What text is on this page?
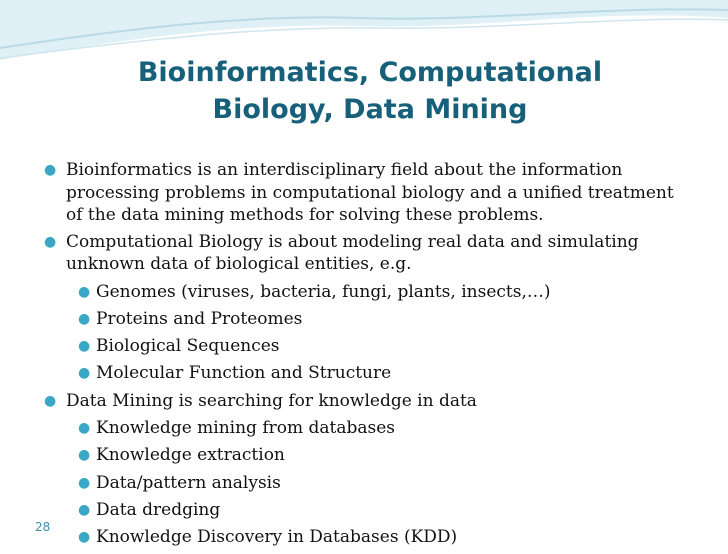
Bioinformatics, Computational
Biology, Data Mining
● Bioinformatics is an interdisciplinary field about the information processing problems in computational biology and a unified treatment of the data mining methods for solving these problems.
● Computational Biology is about modeling real data and simulating unknown data of biological entities, e.g.
● Genomes (viruses, bacteria, fungi, plants, insects,…)
● Proteins and Proteomes
● Biological Sequences
● Molecular Function and Structure
● Data Mining is searching for knowledge in data
● Knowledge mining from databases
● Knowledge extraction
● Data/pattern analysis
● Data dredging
● Knowledge Discovery in Databases (KDD)
28
